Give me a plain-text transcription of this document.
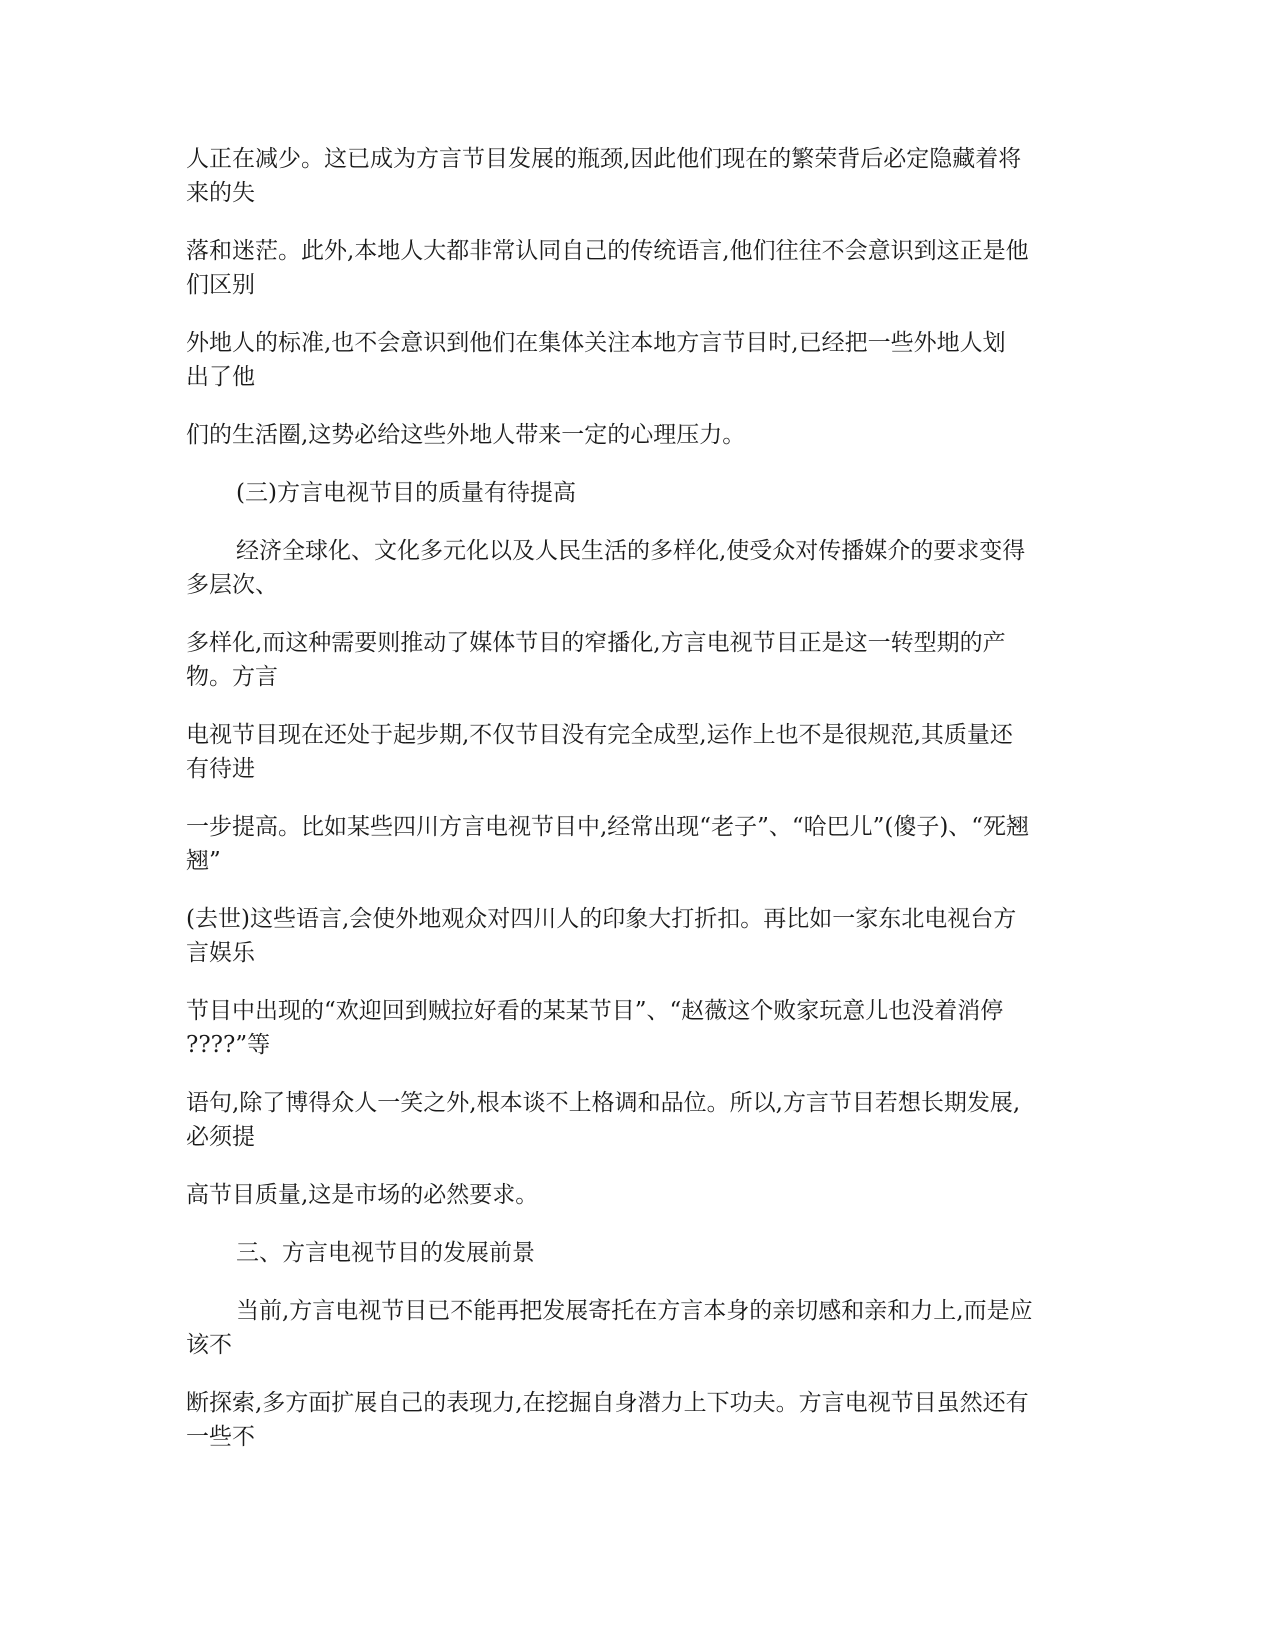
人正在减少。这已成为方言节目发展的瓶颈,因此他们现在的繁荣背后必定隐藏着将
来的失

落和迷茫。此外,本地人大都非常认同自己的传统语言,他们往往不会意识到这正是他
们区别

外地人的标准,也不会意识到他们在集体关注本地方言节目时,已经把一些外地人划
出了他

们的生活圈,这势必给这些外地人带来一定的心理压力。

(三)方言电视节目的质量有待提高

经济全球化、文化多元化以及人民生活的多样化,使受众对传播媒介的要求变得
多层次、

多样化,而这种需要则推动了媒体节目的窄播化,方言电视节目正是这一转型期的产
物。方言

电视节目现在还处于起步期,不仅节目没有完全成型,运作上也不是很规范,其质量还
有待进

一步提高。比如某些四川方言电视节目中,经常出现“老子”、“哈巴儿”(傻子)、“死翘
翘”

(去世)这些语言,会使外地观众对四川人的印象大打折扣。再比如一家东北电视台方
言娱乐

节目中出现的“欢迎回到贼拉好看的某某节目”、“赵薇这个败家玩意儿也没着消停
????”等

语句,除了博得众人一笑之外,根本谈不上格调和品位。所以,方言节目若想长期发展,
必须提

高节目质量,这是市场的必然要求。

三、方言电视节目的发展前景

当前,方言电视节目已不能再把发展寄托在方言本身的亲切感和亲和力上,而是应
该不

断探索,多方面扩展自己的表现力,在挖掘自身潜力上下功夫。方言电视节目虽然还有
一些不
